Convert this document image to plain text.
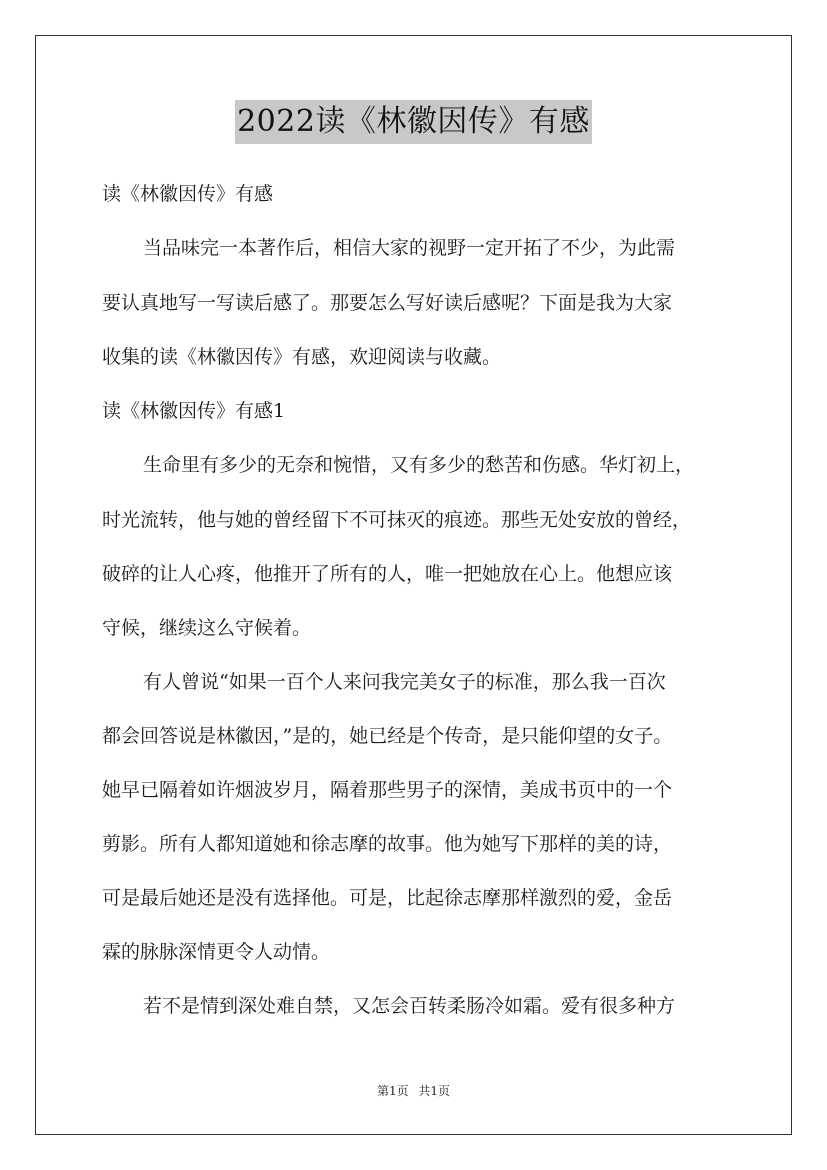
2022读《林徽因传》有感
读《林徽因传》有感
当品味完一本著作后，相信大家的视野一定开拓了不少，为此需
要认真地写一写读后感了。那要怎么写好读后感呢？下面是我为大家
收集的读《林徽因传》有感，欢迎阅读与收藏。
读《林徽因传》有感1
生命里有多少的无奈和惋惜，又有多少的愁苦和伤感。华灯初上，
时光流转，他与她的曾经留下不可抹灭的痕迹。那些无处安放的曾经，
破碎的让人心疼，他推开了所有的人，唯一把她放在心上。他想应该
守候，继续这么守候着。
有人曾说“如果一百个人来问我完美女子的标准，那么我一百次
都会回答说是林徽因，”是的，她已经是个传奇，是只能仰望的女子。
她早已隔着如许烟波岁月，隔着那些男子的深情，美成书页中的一个
剪影。所有人都知道她和徐志摩的故事。他为她写下那样的美的诗，
可是最后她还是没有选择他。可是，比起徐志摩那样激烈的爱，金岳
霖的脉脉深情更令人动情。
若不是情到深处难自禁，又怎会百转柔肠冷如霜。爱有很多种方
第1页 共1页
